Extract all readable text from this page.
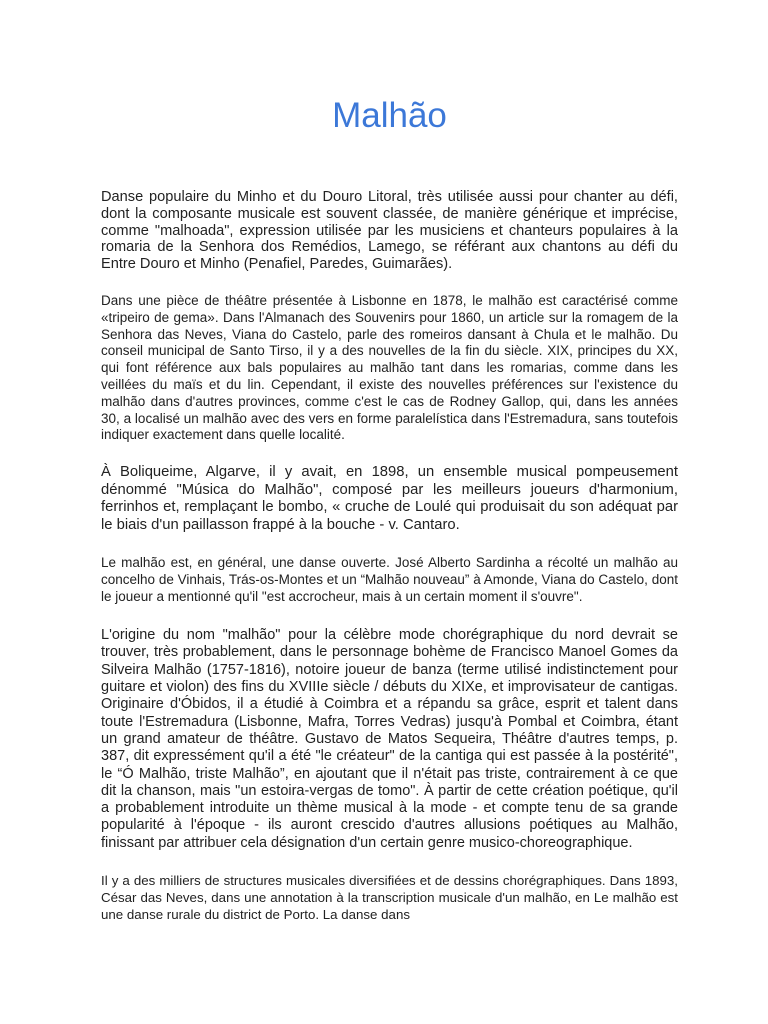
Malhão

Danse populaire du Minho et du Douro Litoral, très utilisée aussi pour chanter au défi, dont la composante musicale est souvent classée, de manière générique et imprécise, comme "malhoada", expression utilisée par les musiciens et chanteurs populaires à la romaria de la Senhora dos Remédios, Lamego, se référant aux chantons au défi du Entre Douro et Minho (Penafiel, Paredes, Guimarães).

Dans une pièce de théâtre présentée à Lisbonne en 1878, le malhão est caractérisé comme «tripeiro de gema». Dans l'Almanach des Souvenirs pour 1860, un article sur la romagem de la Senhora das Neves, Viana do Castelo, parle des romeiros dansant à Chula et le malhão. Du conseil municipal de Santo Tirso, il y a des nouvelles de la fin du siècle. XIX, principes du XX, qui font référence aux bals populaires au malhão tant dans les romarias, comme dans les veillées du maïs et du lin. Cependant, il existe des nouvelles préférences sur l'existence du malhão dans d'autres provinces, comme c'est le cas de Rodney Gallop, qui, dans les années 30, a localisé un malhão avec des vers en forme paralelística dans l'Estremadura, sans toutefois indiquer exactement dans quelle localité.

À Boliqueime, Algarve, il y avait, en 1898, un ensemble musical pompeusement dénommé "Música do Malhão", composé par les meilleurs joueurs d'harmonium, ferrinhos et, remplaçant le bombo, « cruche de Loulé qui produisait du son adéquat par le biais d'un paillasson frappé à la bouche - v. Cantaro.

Le malhão est, en général, une danse ouverte. José Alberto Sardinha a récolté un malhão au concelho de Vinhais, Trás-os-Montes et un “Malhão nouveau” à Amonde, Viana do Castelo, dont le joueur a mentionné qu'il "est accrocheur, mais à un certain moment il s'ouvre".

L'origine du nom "malhão" pour la célèbre mode chorégraphique du nord devrait se trouver, très probablement, dans le personnage bohème de Francisco Manoel Gomes da Silveira Malhão (1757-1816), notoire joueur de banza (terme utilisé indistinctement pour guitare et violon) des fins du XVIIIe siècle / débuts du XIXe, et improvisateur de cantigas. Originaire d'Óbidos, il a étudié à Coimbra et a répandu sa grâce, esprit et talent dans toute l'Estremadura (Lisbonne, Mafra, Torres Vedras) jusqu'à Pombal et Coimbra, étant un grand amateur de théâtre. Gustavo de Matos Sequeira, Théâtre d'autres temps, p. 387, dit expressément qu'il a été "le créateur" de la cantiga qui est passée à la postérité", le “Ó Malhão, triste Malhão”, en ajoutant que il n'était pas triste, contrairement à ce que dit la chanson, mais "un estoira-vergas de tomo". À partir de cette création poétique, qu'il a probablement introduite un thème musical à la mode - et compte tenu de sa grande popularité à l'époque - ils auront crescido d'autres allusions poétiques au Malhão, finissant par attribuer cela désignation d'un certain genre musico-choreographique.

Il y a des milliers de structures musicales diversifiées et de dessins chorégraphiques. Dans 1893, César das Neves, dans une annotation à la transcription musicale d'un malhão, en Le malhão est une danse rurale du district de Porto. La danse dans
